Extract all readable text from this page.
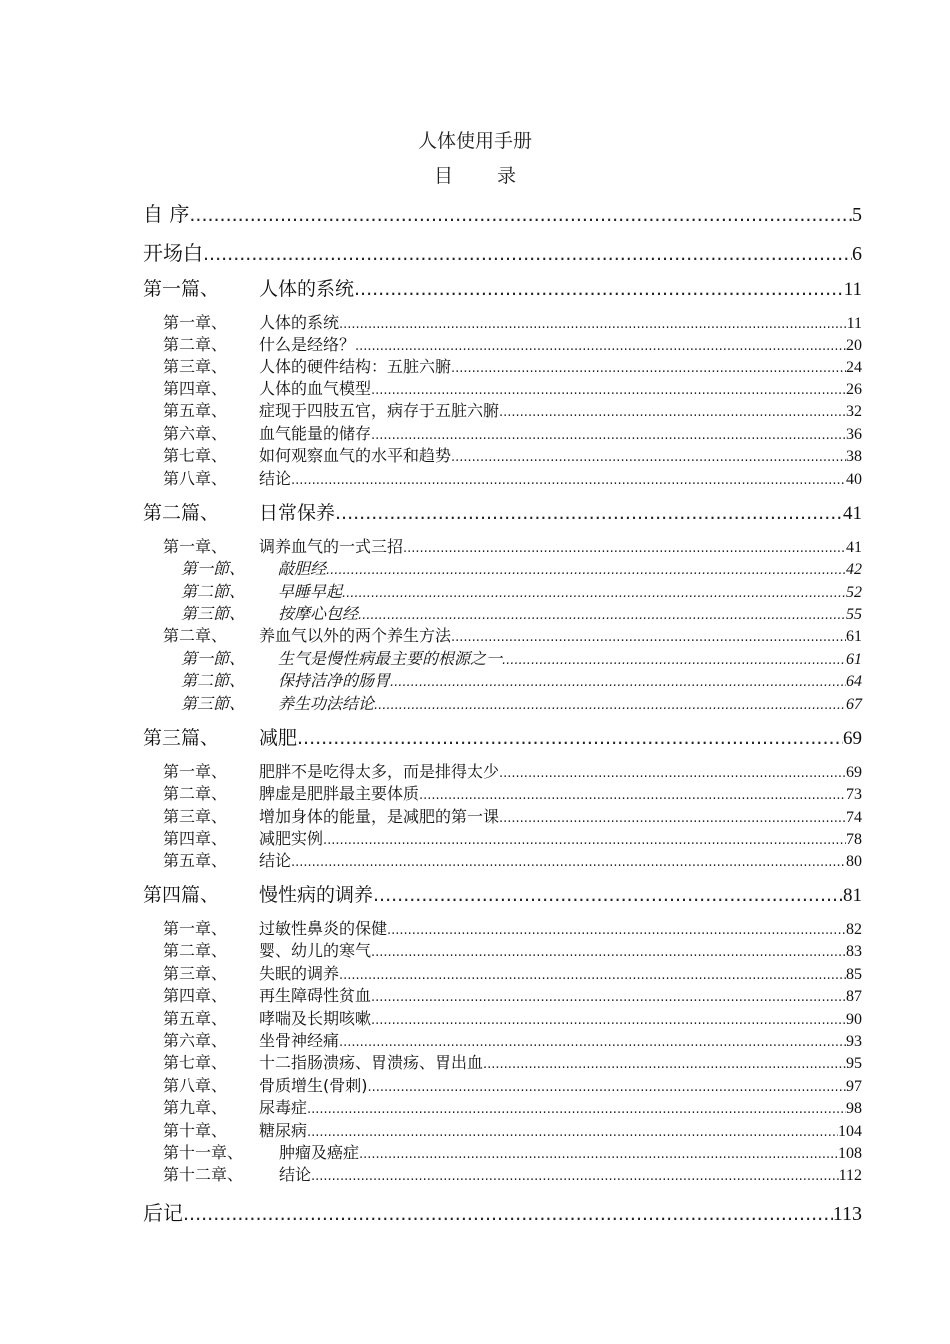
人体使用手册
目录
自 序 .....	5
开场白 .....	6
第一篇、	人体的系统 .....	11
第一章、	人体的系统 .....	11
第二章、	什么是经络？ .....	20
第三章、	人体的硬件结构：五脏六腑 .....	24
第四章、	人体的血气模型 .....	26
第五章、	症现于四肢五官，病存于五脏六腑 .....	32
第六章、	血气能量的储存 .....	36
第七章、	如何观察血气的水平和趋势 .....	38
第八章、	结论 .....	40
第二篇、	日常保养 .....	41
第一章、	调养血气的一式三招 .....	41
第一節、	敲胆经 .....	42
第二節、	早睡早起 .....	52
第三節、	按摩心包经 .....	55
第二章、	养血气以外的两个养生方法 .....	61
第一節、	生气是慢性病最主要的根源之一 .....	61
第二節、	保持洁净的肠胃 .....	64
第三節、	养生功法结论 .....	67
第三篇、	减肥 .....	69
第一章、	肥胖不是吃得太多，而是排得太少 .....	69
第二章、	脾虚是肥胖最主要体质 .....	73
第三章、	增加身体的能量，是减肥的第一课 .....	74
第四章、	减肥实例 .....	78
第五章、	结论 .....	80
第四篇、	慢性病的调养 .....	81
第一章、	过敏性鼻炎的保健 .....	82
第二章、	婴、幼儿的寒气 .....	83
第三章、	失眠的调养 .....	85
第四章、	再生障碍性贫血 .....	87
第五章、	哮喘及长期咳嗽 .....	90
第六章、	坐骨神经痛 .....	93
第七章、	十二指肠溃疡、胃溃疡、胃出血 .....	95
第八章、	骨质增生(骨刺) .....	97
第九章、	尿毒症 .....	98
第十章、	糖尿病 .....	104
第十一章、	肿瘤及癌症 .....	108
第十二章、	结论 .....	112
后记 .....	113
